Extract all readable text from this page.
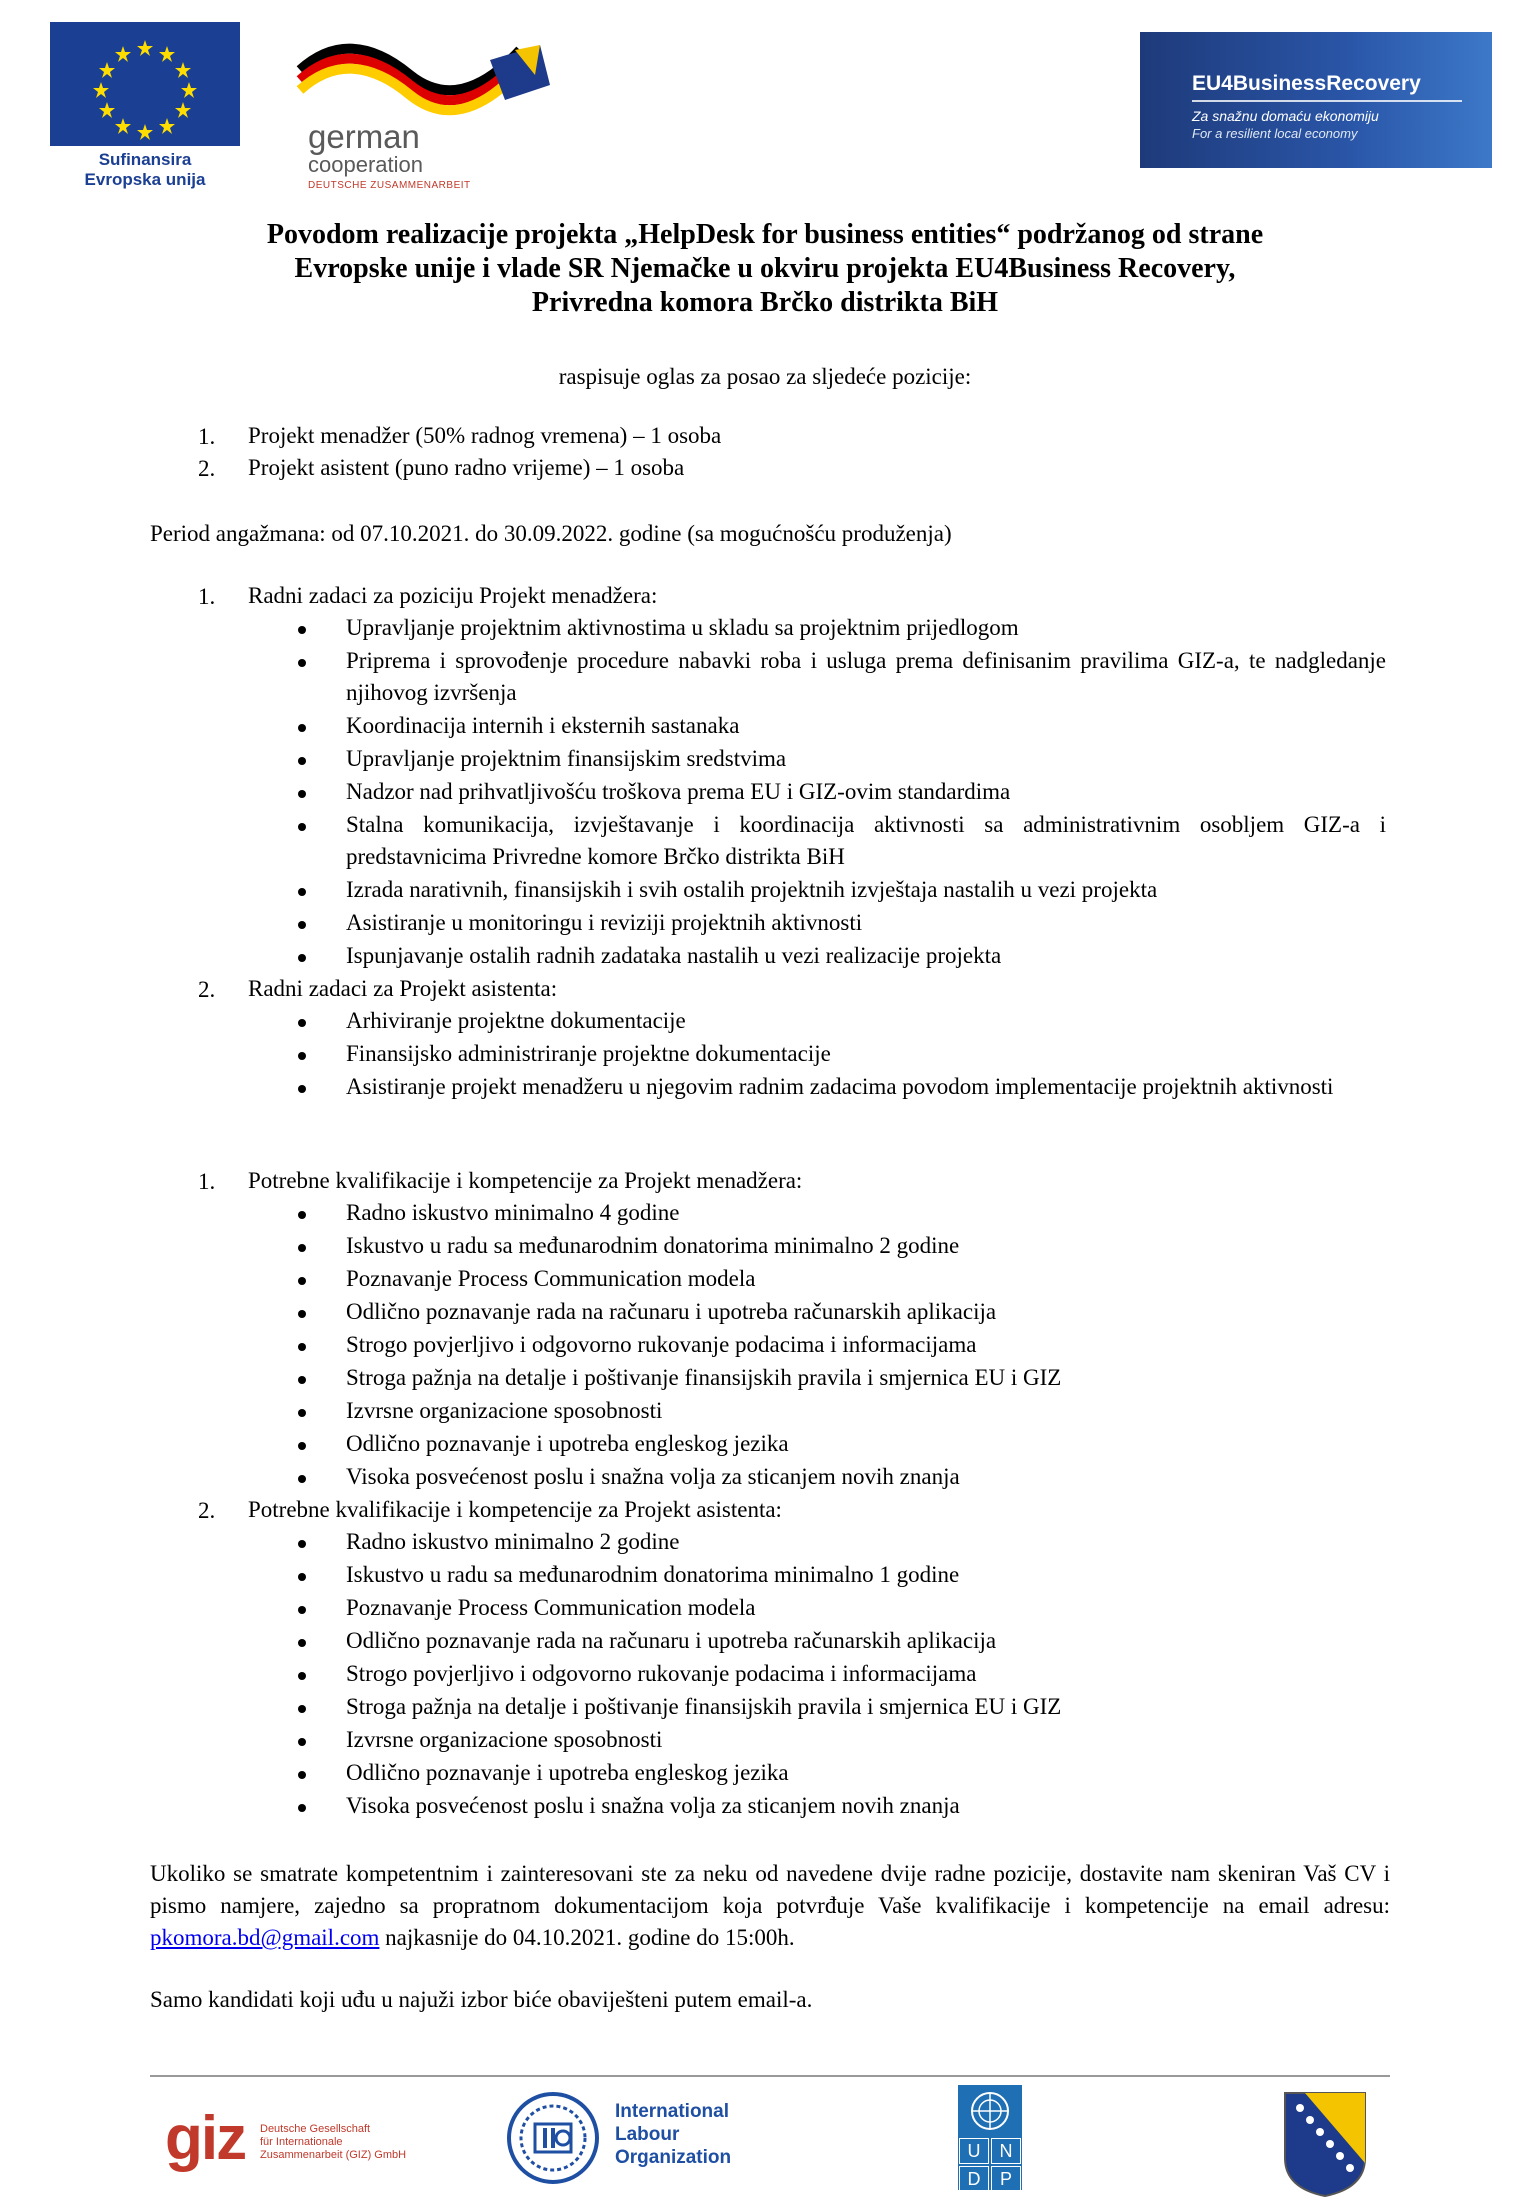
Sufinansira
Evropska unija
german
cooperation
DEUTSCHE ZUSAMMENARBEIT
EU4BusinessRecovery
Za snažnu domaću ekonomiju
For a resilient local economy
Povodom realizacije projekta „HelpDesk for business entities“ podržanog od strane
Evropske unije i vlade SR Njemačke u okviru projekta EU4Business Recovery,
Privredna komora Brčko distrikta BiH
raspisuje oglas za posao za sljedeće pozicije:
1. Projekt menadžer (50% radnog vremena) – 1 osoba
2. Projekt asistent (puno radno vrijeme) – 1 osoba
Period angažmana: od 07.10.2021. do 30.09.2022. godine (sa mogućnošću produženja)
1. Radni zadaci za poziciju Projekt menadžera:
Upravljanje projektnim aktivnostima u skladu sa projektnim prijedlogom
Priprema i sprovođenje procedure nabavki roba i usluga prema definisanim pravilima GIZ-a, te nadgledanje njihovog izvršenja
Koordinacija internih i eksternih sastanaka
Upravljanje projektnim finansijskim sredstvima
Nadzor nad prihvatljivošću troškova prema EU i GIZ-ovim standardima
Stalna komunikacija, izvještavanje i koordinacija aktivnosti sa administrativnim osobljem GIZ-a i predstavnicima Privredne komore Brčko distrikta BiH
Izrada narativnih, finansijskih i svih ostalih projektnih izvještaja nastalih u vezi projekta
Asistiranje u monitoringu i reviziji projektnih aktivnosti
Ispunjavanje ostalih radnih zadataka nastalih u vezi realizacije projekta
2. Radni zadaci za Projekt asistenta:
Arhiviranje projektne dokumentacije
Finansijsko administriranje projektne dokumentacije
Asistiranje projekt menadžeru u njegovim radnim zadacima povodom implementacije projektnih aktivnosti
1. Potrebne kvalifikacije i kompetencije za Projekt menadžera:
Radno iskustvo minimalno 4 godine
Iskustvo u radu sa međunarodnim donatorima minimalno 2 godine
Poznavanje Process Communication modela
Odlično poznavanje rada na računaru i upotreba računarskih aplikacija
Strogo povjerljivo i odgovorno rukovanje podacima i informacijama
Stroga pažnja na detalje i poštivanje finansijskih pravila i smjernica EU i GIZ
Izvrsne organizacione sposobnosti
Odlično poznavanje i upotreba engleskog jezika
Visoka posvećenost poslu i snažna volja za sticanjem novih znanja
2. Potrebne kvalifikacije i kompetencije za Projekt asistenta:
Radno iskustvo minimalno 2 godine
Iskustvo u radu sa međunarodnim donatorima minimalno 1 godine
Poznavanje Process Communication modela
Odlično poznavanje rada na računaru i upotreba računarskih aplikacija
Strogo povjerljivo i odgovorno rukovanje podacima i informacijama
Stroga pažnja na detalje i poštivanje finansijskih pravila i smjernica EU i GIZ
Izvrsne organizacione sposobnosti
Odlično poznavanje i upotreba engleskog jezika
Visoka posvećenost poslu i snažna volja za sticanjem novih znanja
Ukoliko se smatrate kompetentnim i zainteresovani ste za neku od navedene dvije radne pozicije, dostavite nam skeniran Vaš CV i pismo namjere, zajedno sa propratnom dokumentacijom koja potvrđuje Vaše kvalifikacije i kompetencije na email adresu: pkomora.bd@gmail.com najkasnije do 04.10.2021. godine do 15:00h.
Samo kandidati koji uđu u najuži izbor biće obaviješteni putem email-a.
giz Deutsche Gesellschaft
für Internationale
Zusammenarbeit (GIZ) GmbH
International
Labour
Organization	U	N
D	P
